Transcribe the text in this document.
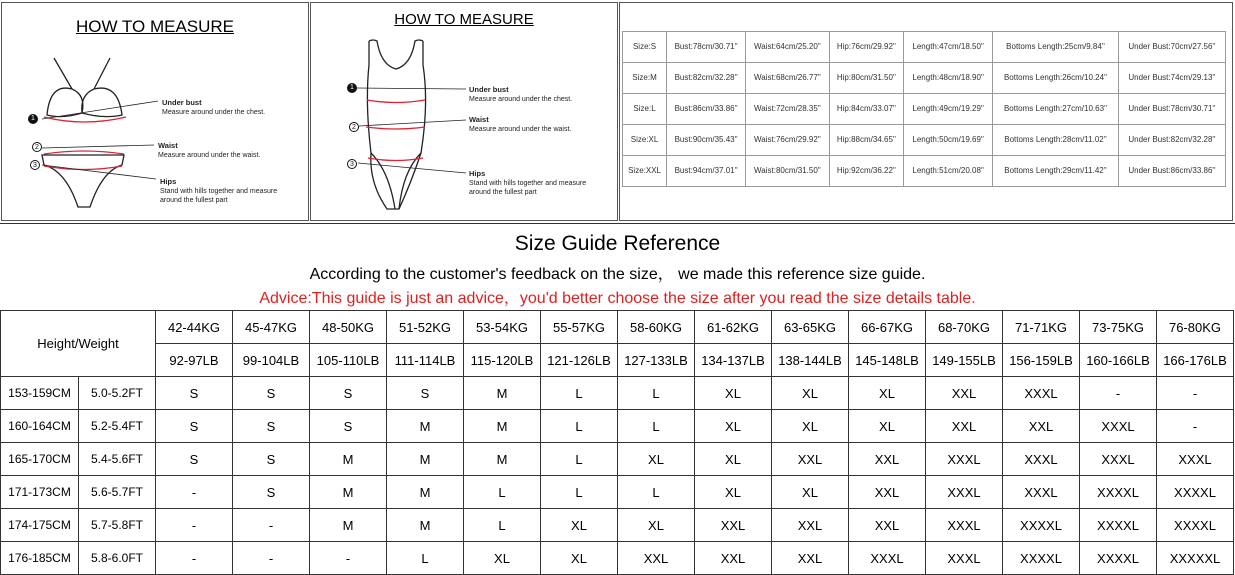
HOW TO MEASURE
1
2
3
Under bust
Measure around under the chest.
Waist
Measure around under the waist.
Hips
Stand with hills together and measure around the fullest part
HOW TO MEASURE
1
2
3
Under bust
Measure around under the chest.
Waist
Measure around under the waist.
Hips
Stand with hills together and measure around the fullest part
Size:S	Bust:78cm/30.71''	Waist:64cm/25.20''	Hip:76cm/29.92''	Length:47cm/18.50''	Bottoms Length:25cm/9.84''	Under Bust:70cm/27.56''
Size:M	Bust:82cm/32.28''	Waist:68cm/26.77''	Hip:80cm/31.50''	Length:48cm/18.90''	Bottoms Length:26cm/10.24''	Under Bust:74cm/29.13''
Size:L	Bust:86cm/33.86''	Waist:72cm/28.35''	Hip:84cm/33.07''	Length:49cm/19.29''	Bottoms Length:27cm/10.63''	Under Bust:78cm/30.71''
Size:XL	Bust:90cm/35.43''	Waist:76cm/29.92''	Hip:88cm/34.65''	Length:50cm/19.69''	Bottoms Length:28cm/11.02''	Under Bust:82cm/32.28''
Size:XXL	Bust:94cm/37.01''	Waist:80cm/31.50''	Hip:92cm/36.22''	Length:51cm/20.08''	Bottoms Length:29cm/11.42''	Under Bust:86cm/33.86''
Size Guide Reference
According to the customer's feedback on the size， we made this reference size guide.
Advice:This guide is just an advice，you'd better choose the size after you read the size details table.
Height/Weight		42-44KG	45-47KG	48-50KG	51-52KG	53-54KG	55-57KG	58-60KG	61-62KG	63-65KG	66-67KG	68-70KG	71-71KG	73-75KG	76-80KG
		92-97LB	99-104LB	105-110LB	111-114LB	115-120LB	121-126LB	127-133LB	134-137LB	138-144LB	145-148LB	149-155LB	156-159LB	160-166LB	166-176LB
153-159CM	5.0-5.2FT	S	S	S	S	M	L	L	XL	XL	XL	XXL	XXXL	-	-
160-164CM	5.2-5.4FT	S	S	S	M	M	L	L	XL	XL	XL	XXL	XXL	XXXL	-
165-170CM	5.4-5.6FT	S	S	M	M	M	L	XL	XL	XXL	XXL	XXXL	XXXL	XXXL	XXXL
171-173CM	5.6-5.7FT	-	S	M	M	L	L	L	XL	XL	XXL	XXXL	XXXL	XXXXL	XXXXL
174-175CM	5.7-5.8FT	-	-	M	M	L	XL	XL	XXL	XXL	XXL	XXXL	XXXXL	XXXXL	XXXXL
176-185CM	5.8-6.0FT	-	-	-	L	XL	XL	XXL	XXL	XXL	XXXL	XXXL	XXXXL	XXXXL	XXXXXL
